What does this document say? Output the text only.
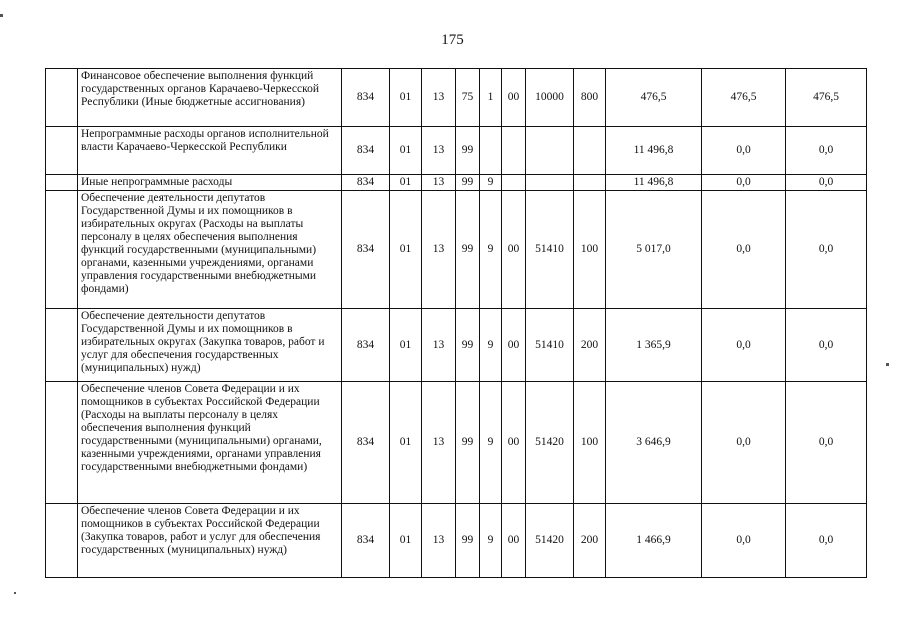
175
	Финансовое обеспечение выполнения функций государственных органов Карачаево-Черкесской Республики (Иные бюджетные ассигнования)	834	01	13	75	1	00	10000	800	476,5	476,5	476,5
	Непрограммные расходы органов исполнительной власти Карачаево-Черкесской Республики	834	01	13	99					11 496,8	0,0	0,0
	Иные непрограммные расходы	834	01	13	99	9				11 496,8	0,0	0,0
	Обеспечение деятельности депутатов Государственной Думы и их помощников в избирательных округах (Расходы на выплаты персоналу в целях обеспечения выполнения функций государственными (муниципальными) органами, казенными учреждениями, органами управления государственными внебюджетными фондами)	834	01	13	99	9	00	51410	100	5 017,0	0,0	0,0
	Обеспечение деятельности депутатов Государственной Думы и их помощников в избирательных округах (Закупка товаров, работ и услуг для обеспечения государственных (муниципальных) нужд)	834	01	13	99	9	00	51410	200	1 365,9	0,0	0,0
	Обеспечение членов Совета Федерации и их помощников в субъектах Российской Федерации (Расходы на выплаты персоналу в целях обеспечения выполнения функций государственными (муниципальными) органами, казенными учреждениями, органами управления государственными внебюджетными фондами)	834	01	13	99	9	00	51420	100	3 646,9	0,0	0,0
	Обеспечение членов Совета Федерации и их помощников в субъектах Российской Федерации (Закупка товаров, работ и услуг для обеспечения государственных (муниципальных) нужд)	834	01	13	99	9	00	51420	200	1 466,9	0,0	0,0
